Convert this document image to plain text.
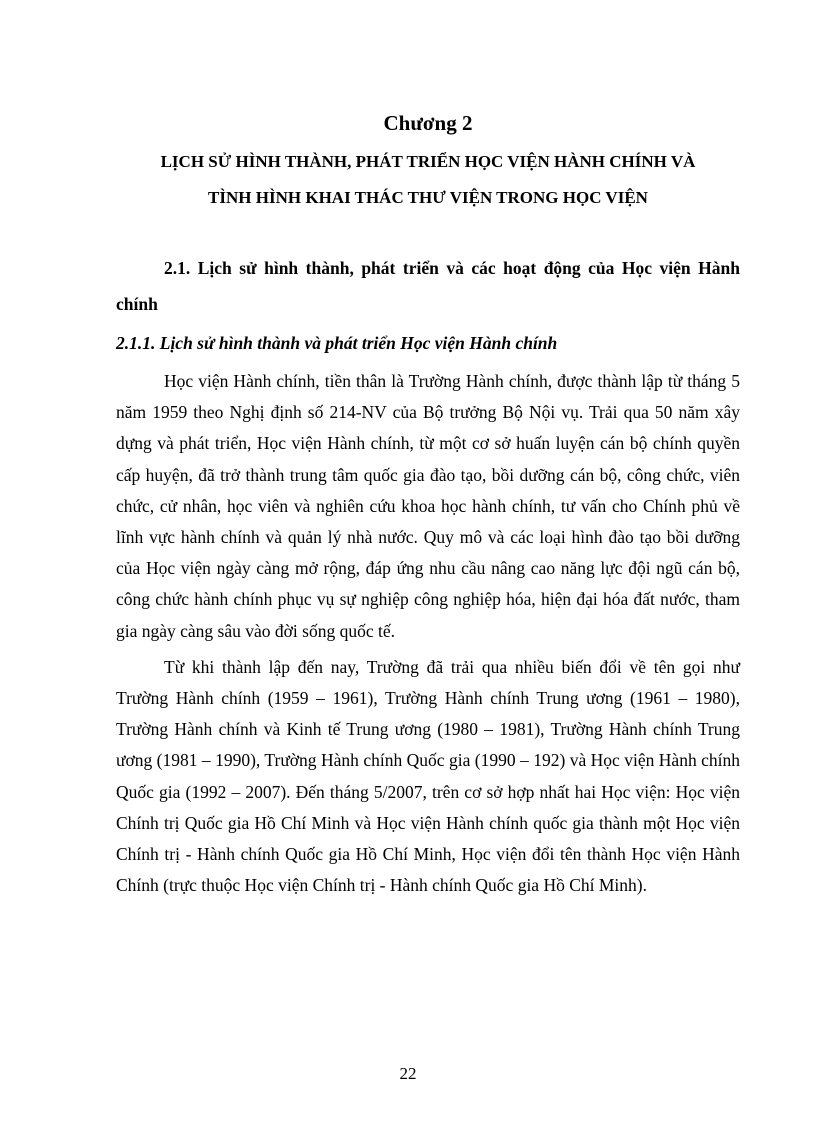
Chương 2

LỊCH SỬ HÌNH THÀNH, PHÁT TRIỂN HỌC VIỆN HÀNH CHÍNH VÀ

TÌNH HÌNH KHAI THÁC THƯ VIỆN TRONG HỌC VIỆN

2.1. Lịch sử hình thành, phát triển và các hoạt động của Học viện Hành chính
2.1.1. Lịch sử hình thành và phát triển Học viện Hành chính

Học viện Hành chính, tiền thân là Trường Hành chính, được thành lập từ tháng 5 năm 1959 theo Nghị định số 214-NV của Bộ trưởng Bộ Nội vụ. Trải qua 50 năm xây dựng và phát triển, Học viện Hành chính, từ một cơ sở huấn luyện cán bộ chính quyền cấp huyện, đã trở thành trung tâm quốc gia đào tạo, bồi dưỡng cán bộ, công chức, viên chức, cử nhân, học viên và nghiên cứu khoa học hành chính, tư vấn cho Chính phủ về lĩnh vực hành chính và quản lý nhà nước. Quy mô và các loại hình đào tạo bồi dưỡng của Học viện ngày càng mở rộng, đáp ứng nhu cầu nâng cao năng lực đội ngũ cán bộ, công chức hành chính phục vụ sự nghiệp công nghiệp hóa, hiện đại hóa đất nước, tham gia ngày càng sâu vào đời sống quốc tế.

Từ khi thành lập đến nay, Trường đã trải qua nhiều biến đổi về tên gọi như Trường Hành chính (1959 – 1961), Trường Hành chính Trung ương (1961 – 1980), Trường Hành chính và Kinh tế Trung ương (1980 – 1981), Trường Hành chính Trung ương (1981 – 1990), Trường Hành chính Quốc gia (1990 – 192) và Học viện Hành chính Quốc gia (1992 – 2007). Đến tháng 5/2007, trên cơ sở hợp nhất hai Học viện: Học viện Chính trị Quốc gia Hồ Chí Minh và Học viện Hành chính quốc gia thành một Học viện Chính trị - Hành chính Quốc gia Hồ Chí Minh, Học viện đổi tên thành Học viện Hành Chính (trực thuộc Học viện Chính trị - Hành chính Quốc gia Hồ Chí Minh).

22
